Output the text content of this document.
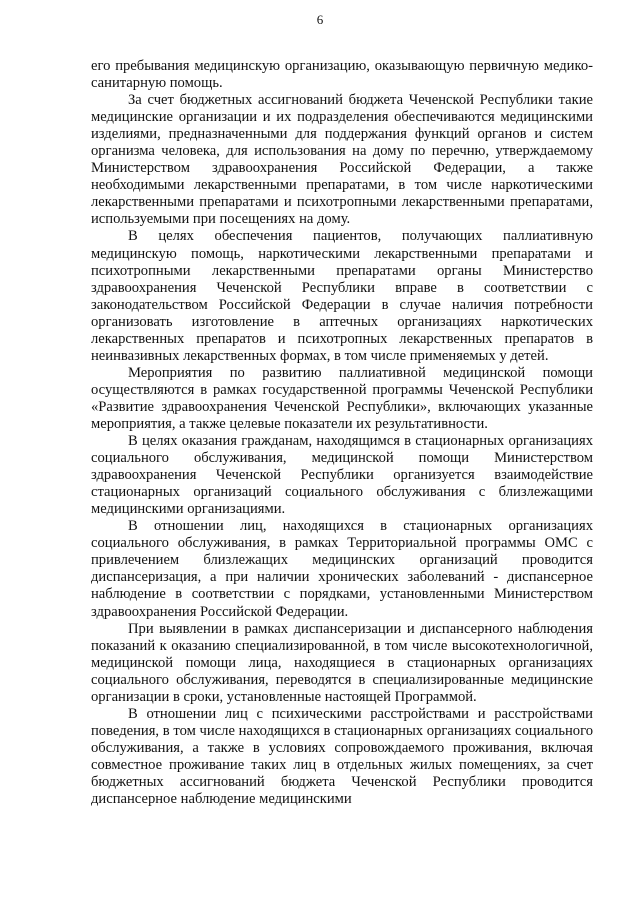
6

его пребывания медицинскую организацию, оказывающую первичную медико-санитарную помощь.

За счет бюджетных ассигнований бюджета Чеченской Республики такие медицинские организации и их подразделения обеспечиваются медицинскими изделиями, предназначенными для поддержания функций органов и систем организма человека, для использования на дому по перечню, утверждаемому Министерством здравоохранения Российской Федерации, а также необходимыми лекарственными препаратами, в том числе наркотическими лекарственными препаратами и психотропными лекарственными препаратами, используемыми при посещениях на дому.

В целях обеспечения пациентов, получающих паллиативную медицинскую помощь, наркотическими лекарственными препаратами и психотропными лекарственными препаратами органы Министерство здравоохранения Чеченской Республики вправе в соответствии с законодательством Российской Федерации в случае наличия потребности организовать изготовление в аптечных организациях наркотических лекарственных препаратов и психотропных лекарственных препаратов в неинвазивных лекарственных формах, в том числе применяемых у детей.

Мероприятия по развитию паллиативной медицинской помощи осуществляются в рамках государственной программы Чеченской Республики «Развитие здравоохранения Чеченской Республики», включающих указанные мероприятия, а также целевые показатели их результативности.

В целях оказания гражданам, находящимся в стационарных организациях социального обслуживания, медицинской помощи Министерством здравоохранения Чеченской Республики организуется взаимодействие стационарных организаций социального обслуживания с близлежащими медицинскими организациями.

В отношении лиц, находящихся в стационарных организациях социального обслуживания, в рамках Территориальной программы ОМС с привлечением близлежащих медицинских организаций проводится диспансеризация, а при наличии хронических заболеваний - диспансерное наблюдение в соответствии с порядками, установленными Министерством здравоохранения Российской Федерации.

При выявлении в рамках диспансеризации и диспансерного наблюдения показаний к оказанию специализированной, в том числе высокотехнологичной, медицинской помощи лица, находящиеся в стационарных организациях социального обслуживания, переводятся в специализированные медицинские организации в сроки, установленные настоящей Программой.

В отношении лиц с психическими расстройствами и расстройствами поведения, в том числе находящихся в стационарных организациях социального обслуживания, а также в условиях сопровождаемого проживания, включая совместное проживание таких лиц в отдельных жилых помещениях, за счет бюджетных ассигнований бюджета Чеченской Республики проводится диспансерное наблюдение медицинскими
